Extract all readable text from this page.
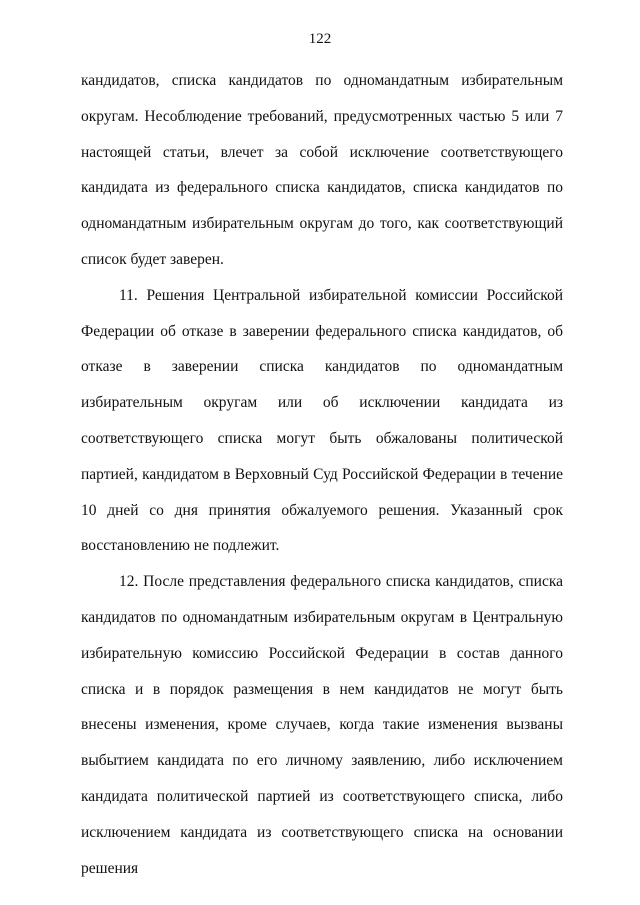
122

кандидатов, списка кандидатов по одномандатным избирательным округам. Несоблюдение требований, предусмотренных частью 5 или 7 настоящей статьи, влечет за собой исключение соответствующего кандидата из федерального списка кандидатов, списка кандидатов по одномандатным избирательным округам до того, как соответствующий список будет заверен.

11. Решения Центральной избирательной комиссии Российской Федерации об отказе в заверении федерального списка кандидатов, об отказе в заверении списка кандидатов по одномандатным избирательным округам или об исключении кандидата из соответствующего списка могут быть обжалованы политической партией, кандидатом в Верховный Суд Российской Федерации в течение 10 дней со дня принятия обжалуемого решения. Указанный срок восстановлению не подлежит.

12. После представления федерального списка кандидатов, списка кандидатов по одномандатным избирательным округам в Центральную избирательную комиссию Российской Федерации в состав данного списка и в порядок размещения в нем кандидатов не могут быть внесены изменения, кроме случаев, когда такие изменения вызваны выбытием кандидата по его личному заявлению, либо исключением кандидата политической партией из соответствующего списка, либо исключением кандидата из соответствующего списка на основании решения
